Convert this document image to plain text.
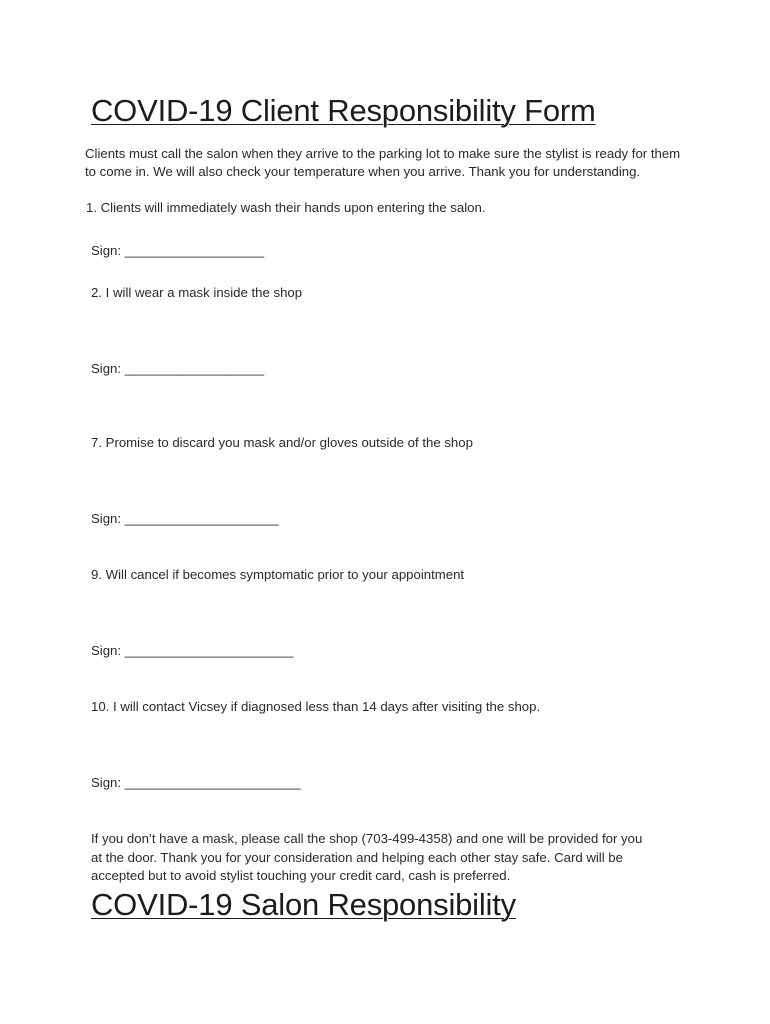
COVID-19 Client Responsibility Form
Clients must call the salon when they arrive to the parking lot to make sure the stylist is ready for them
to come in. We will also check your temperature when you arrive. Thank you for understanding.
1. Clients will immediately wash their hands upon entering the salon.
Sign: ___________________
2. I will wear a mask inside the shop
Sign: ___________________
7. Promise to discard you mask and/or gloves outside of the shop
Sign: _____________________
9. Will cancel if becomes symptomatic prior to your appointment
Sign: _______________________
10. I will contact Vicsey if diagnosed less than 14 days after visiting the shop.
Sign: ________________________
If you don’t have a mask, please call the shop (703-499-4358) and one will be provided for you
at the door. Thank you for your consideration and helping each other stay safe. Card will be
accepted but to avoid stylist touching your credit card, cash is preferred.
COVID-19 Salon Responsibility
